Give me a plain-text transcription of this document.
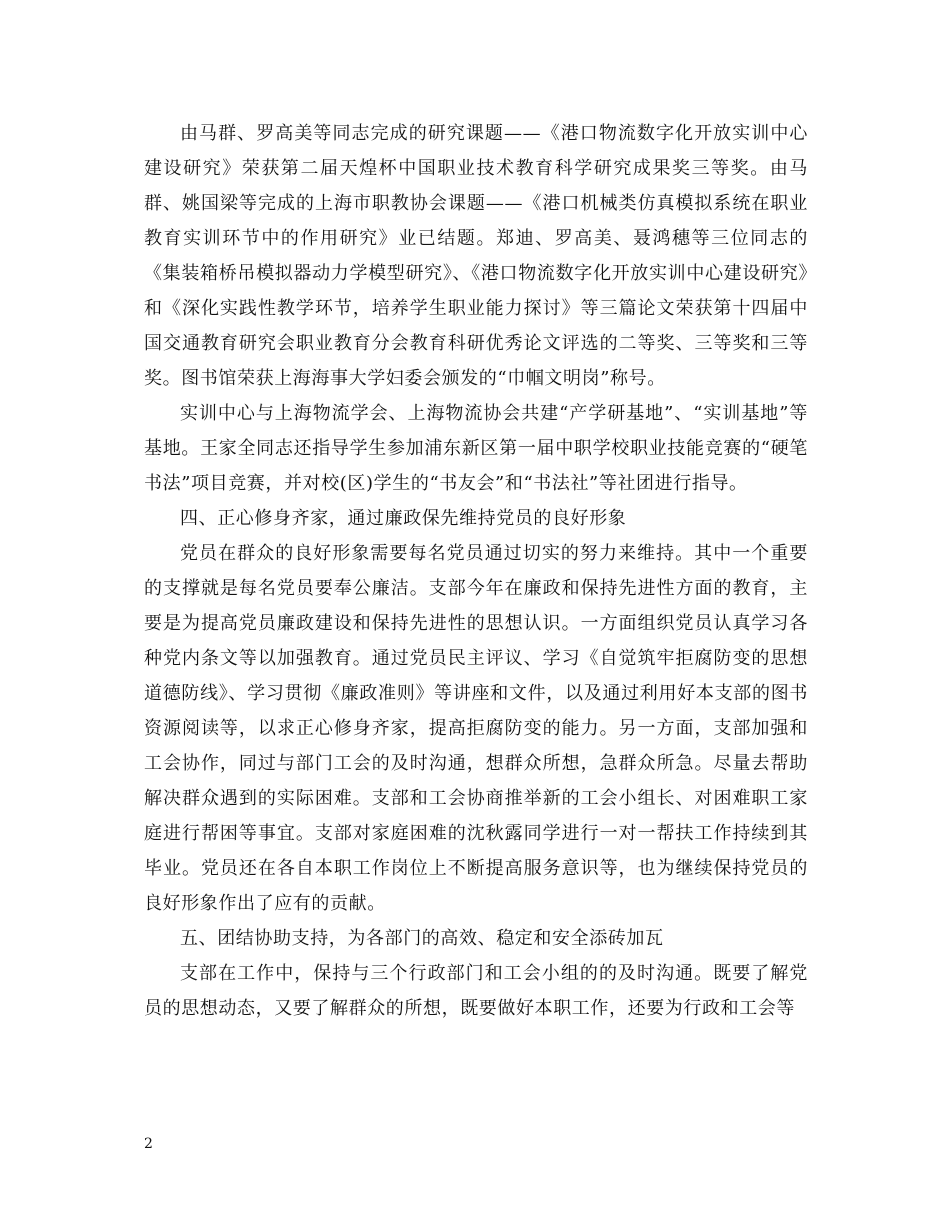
由马群、罗高美等同志完成的研究课题——《港口物流数字化开放实训中心建设研究》荣获第二届天煌杯中国职业技术教育科学研究成果奖三等奖。由马群、姚国梁等完成的上海市职教协会课题——《港口机械类仿真模拟系统在职业教育实训环节中的作用研究》业已结题。郑迪、罗高美、聂鸿穗等三位同志的《集装箱桥吊模拟器动力学模型研究》、《港口物流数字化开放实训中心建设研究》和《深化实践性教学环节，培养学生职业能力探讨》等三篇论文荣获第十四届中国交通教育研究会职业教育分会教育科研优秀论文评选的二等奖、三等奖和三等奖。图书馆荣获上海海事大学妇委会颁发的“巾帼文明岗”称号。

实训中心与上海物流学会、上海物流协会共建“产学研基地”、“实训基地”等基地。王家全同志还指导学生参加浦东新区第一届中职学校职业技能竞赛的“硬笔书法”项目竞赛，并对校(区)学生的“书友会”和“书法社”等社团进行指导。

四、正心修身齐家，通过廉政保先维持党员的良好形象

党员在群众的良好形象需要每名党员通过切实的努力来维持。其中一个重要的支撑就是每名党员要奉公廉洁。支部今年在廉政和保持先进性方面的教育，主要是为提高党员廉政建设和保持先进性的思想认识。一方面组织党员认真学习各种党内条文等以加强教育。通过党员民主评议、学习《自觉筑牢拒腐防变的思想道德防线》、学习贯彻《廉政准则》等讲座和文件，以及通过利用好本支部的图书资源阅读等，以求正心修身齐家，提高拒腐防变的能力。另一方面，支部加强和工会协作，同过与部门工会的及时沟通，想群众所想，急群众所急。尽量去帮助解决群众遇到的实际困难。支部和工会协商推举新的工会小组长、对困难职工家庭进行帮困等事宜。支部对家庭困难的沈秋露同学进行一对一帮扶工作持续到其毕业。党员还在各自本职工作岗位上不断提高服务意识等，也为继续保持党员的良好形象作出了应有的贡献。

五、团结协助支持，为各部门的高效、稳定和安全添砖加瓦

支部在工作中，保持与三个行政部门和工会小组的的及时沟通。既要了解党员的思想动态，又要了解群众的所想，既要做好本职工作，还要为行政和工会等

2
